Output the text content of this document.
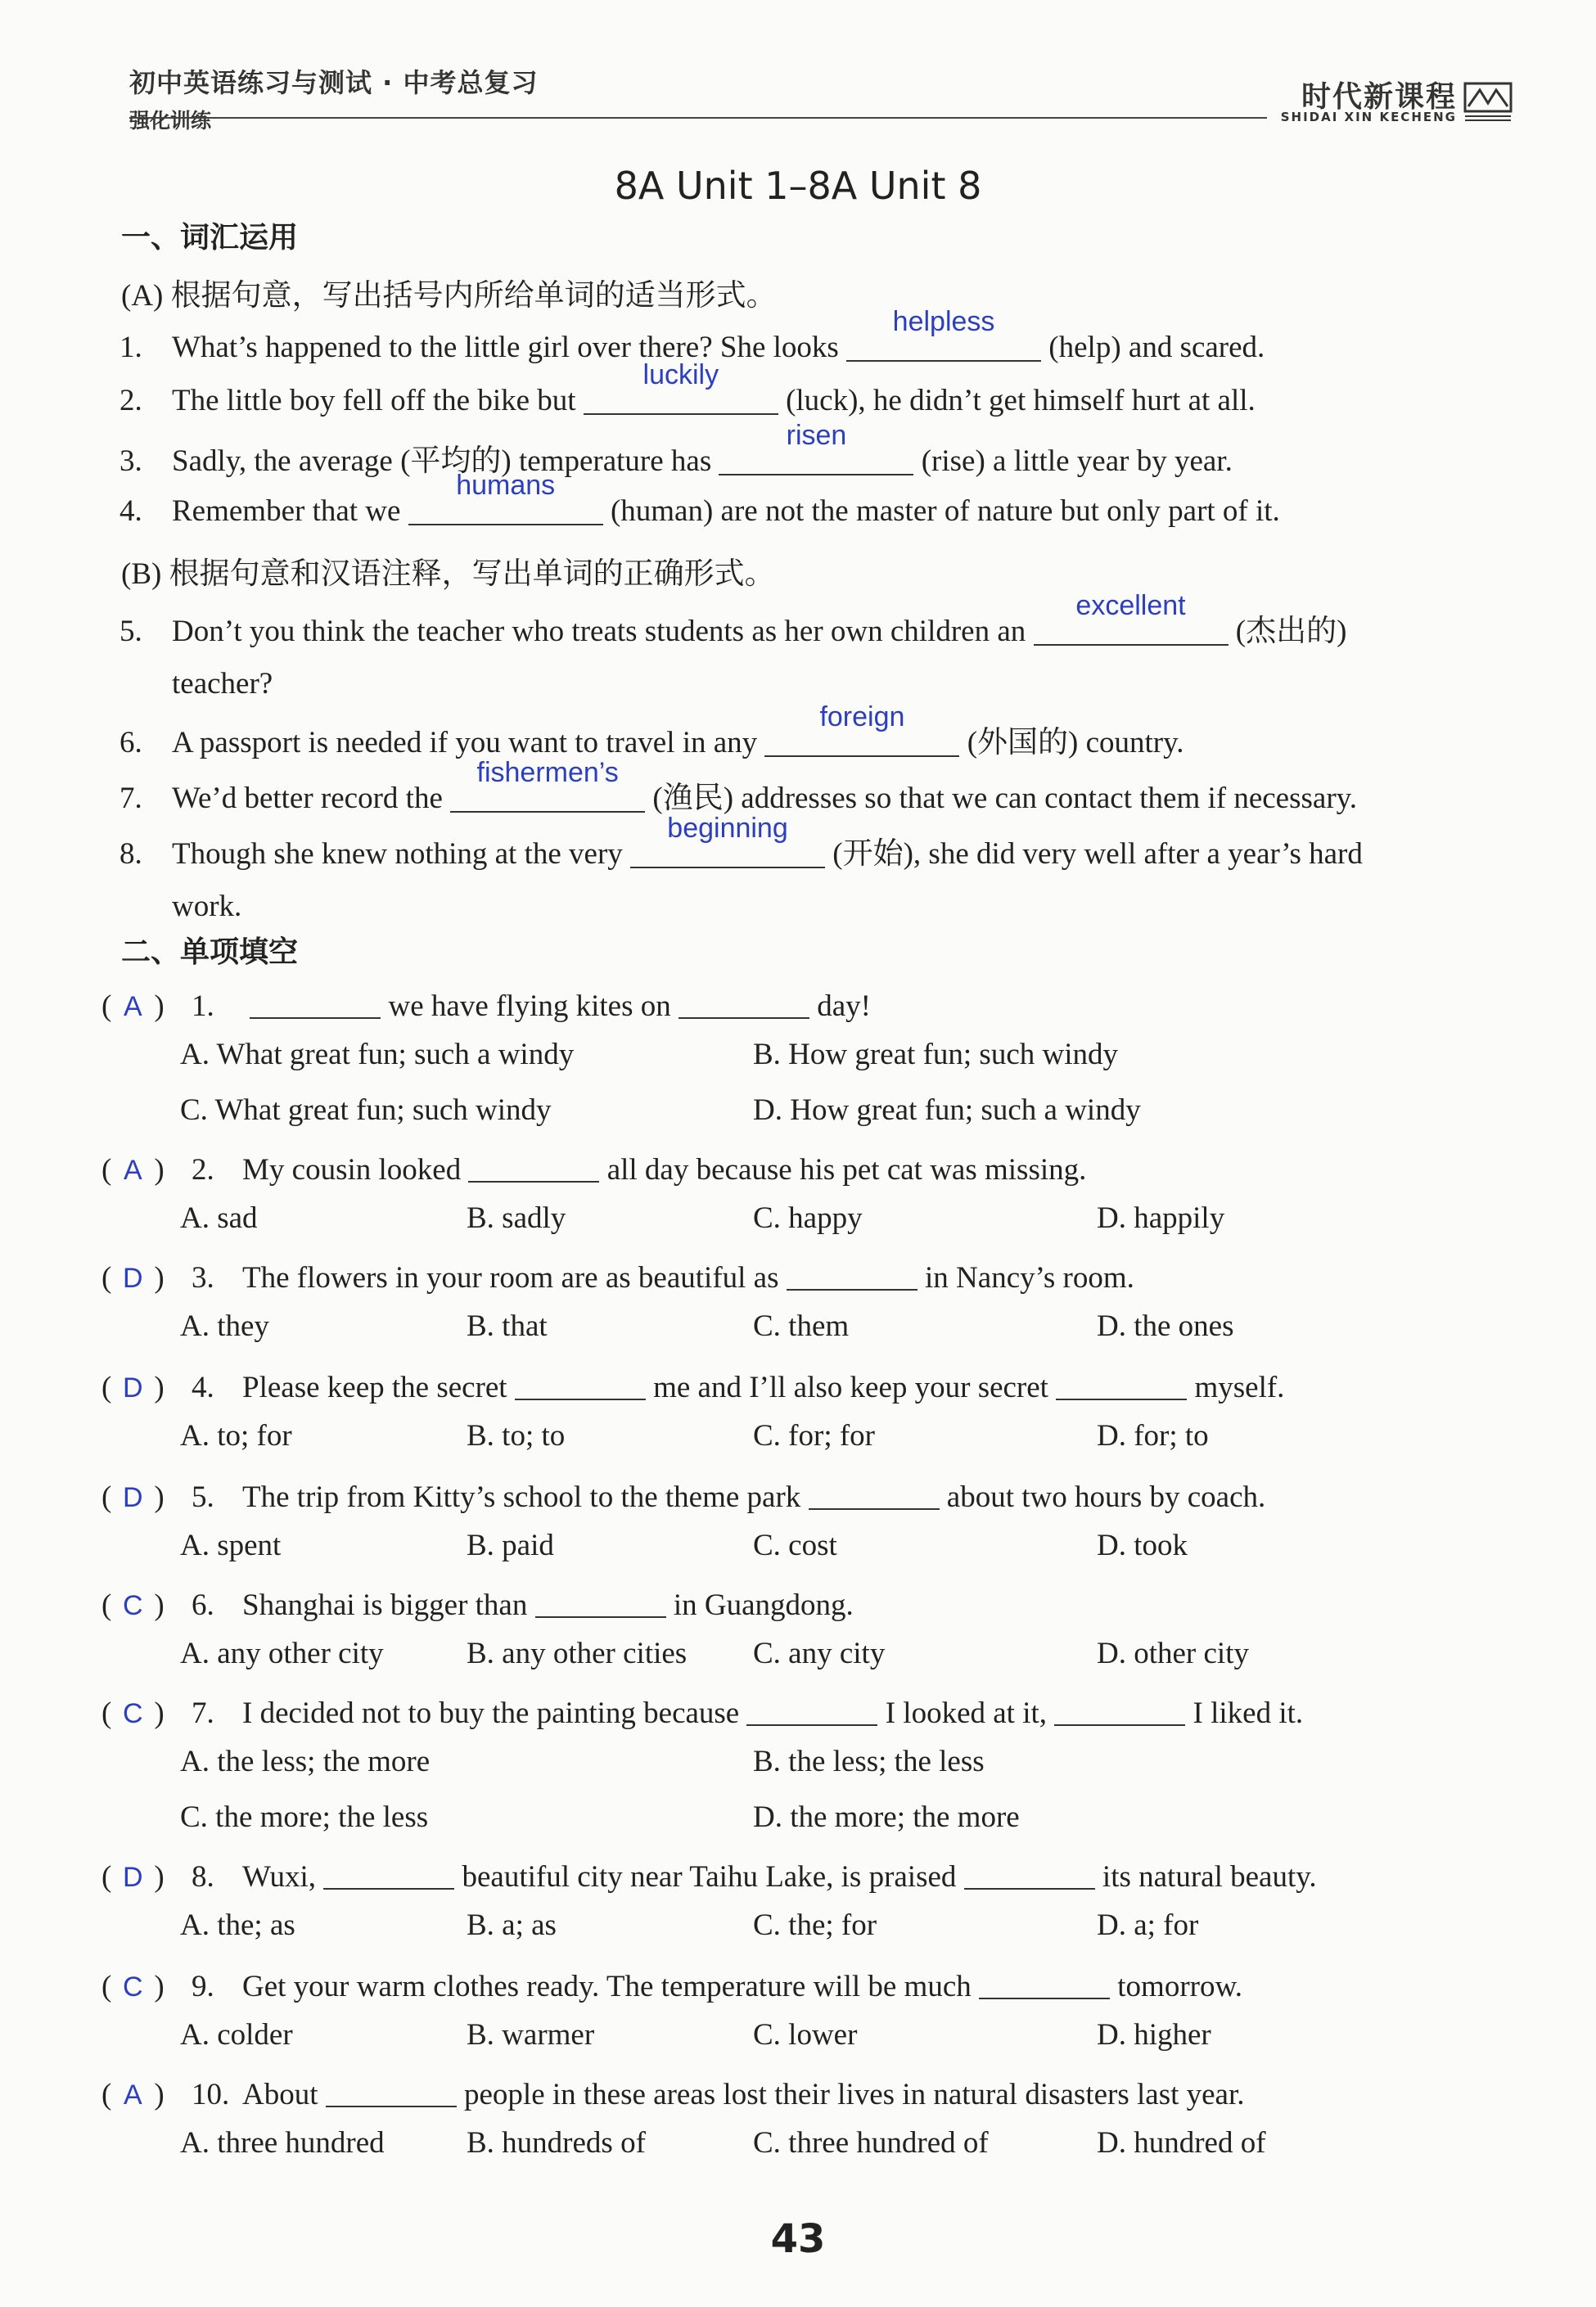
初中英语练习与测试 · 中考总复习
强化训练
时代新课程
SHIDAI XIN KECHENG
8A Unit 1–8A Unit 8
一、词汇运用
(A) 根据句意，写出括号内所给单词的适当形式。
1. What’s happened to the little girl over there? She looks
helpless
(help) and scared.
2. The little boy fell off the bike but
luckily
(luck), he didn’t get himself hurt at all.
3. Sadly, the average (平均的) temperature has
risen
(rise) a little year by year.
4. Remember that we
humans
(human) are not the master of nature but only part of it.
(B) 根据句意和汉语注释，写出单词的正确形式。
5. Don’t you think the teacher who treats students as her own children an
excellent
(杰出的)
teacher?
6. A passport is needed if you want to travel in any
foreign
(外国的) country.
7. We’d better record the
fishermen’s
(渔民) addresses so that we can contact them if necessary.
8. Though she knew nothing at the very
beginning
(开始), she did very well after a year’s hard
work.
二、单项填空
( A ) 1.	we have flying kites on	day!
A. What great fun; such a windy	B. How great fun; such windy
C. What great fun; such windy	D. How great fun; such a windy
( A ) 2. My cousin looked	all day because his pet cat was missing.
A. sad	B. sadly	C. happy	D. happily
( D ) 3. The flowers in your room are as beautiful as	in Nancy’s room.
A. they	B. that	C. them	D. the ones
( D ) 4. Please keep the secret	me and I’ll also keep your secret	myself.
A. to; for	B. to; to	C. for; for	D. for; to
( D ) 5. The trip from Kitty’s school to the theme park	about two hours by coach.
A. spent	B. paid	C. cost	D. took
( C ) 6. Shanghai is bigger than	in Guangdong.
A. any other city	B. any other cities C. any city	D. other city
( C ) 7. I decided not to buy the painting because	I looked at it,	I liked it.
A. the less; the more	B. the less; the less
C. the more; the less	D. the more; the more
( D ) 8. Wuxi,	beautiful city near Taihu Lake, is praised	its natural beauty.
A. the; as	B. a; as	C. the; for	D. a; for
( C ) 9. Get your warm clothes ready. The temperature will be much	tomorrow.
A. colder	B. warmer	C. lower	D. higher
( A ) 10. About	people in these areas lost their lives in natural disasters last year.
A. three hundred	B. hundreds of	C. three hundred of	D. hundred of
43
